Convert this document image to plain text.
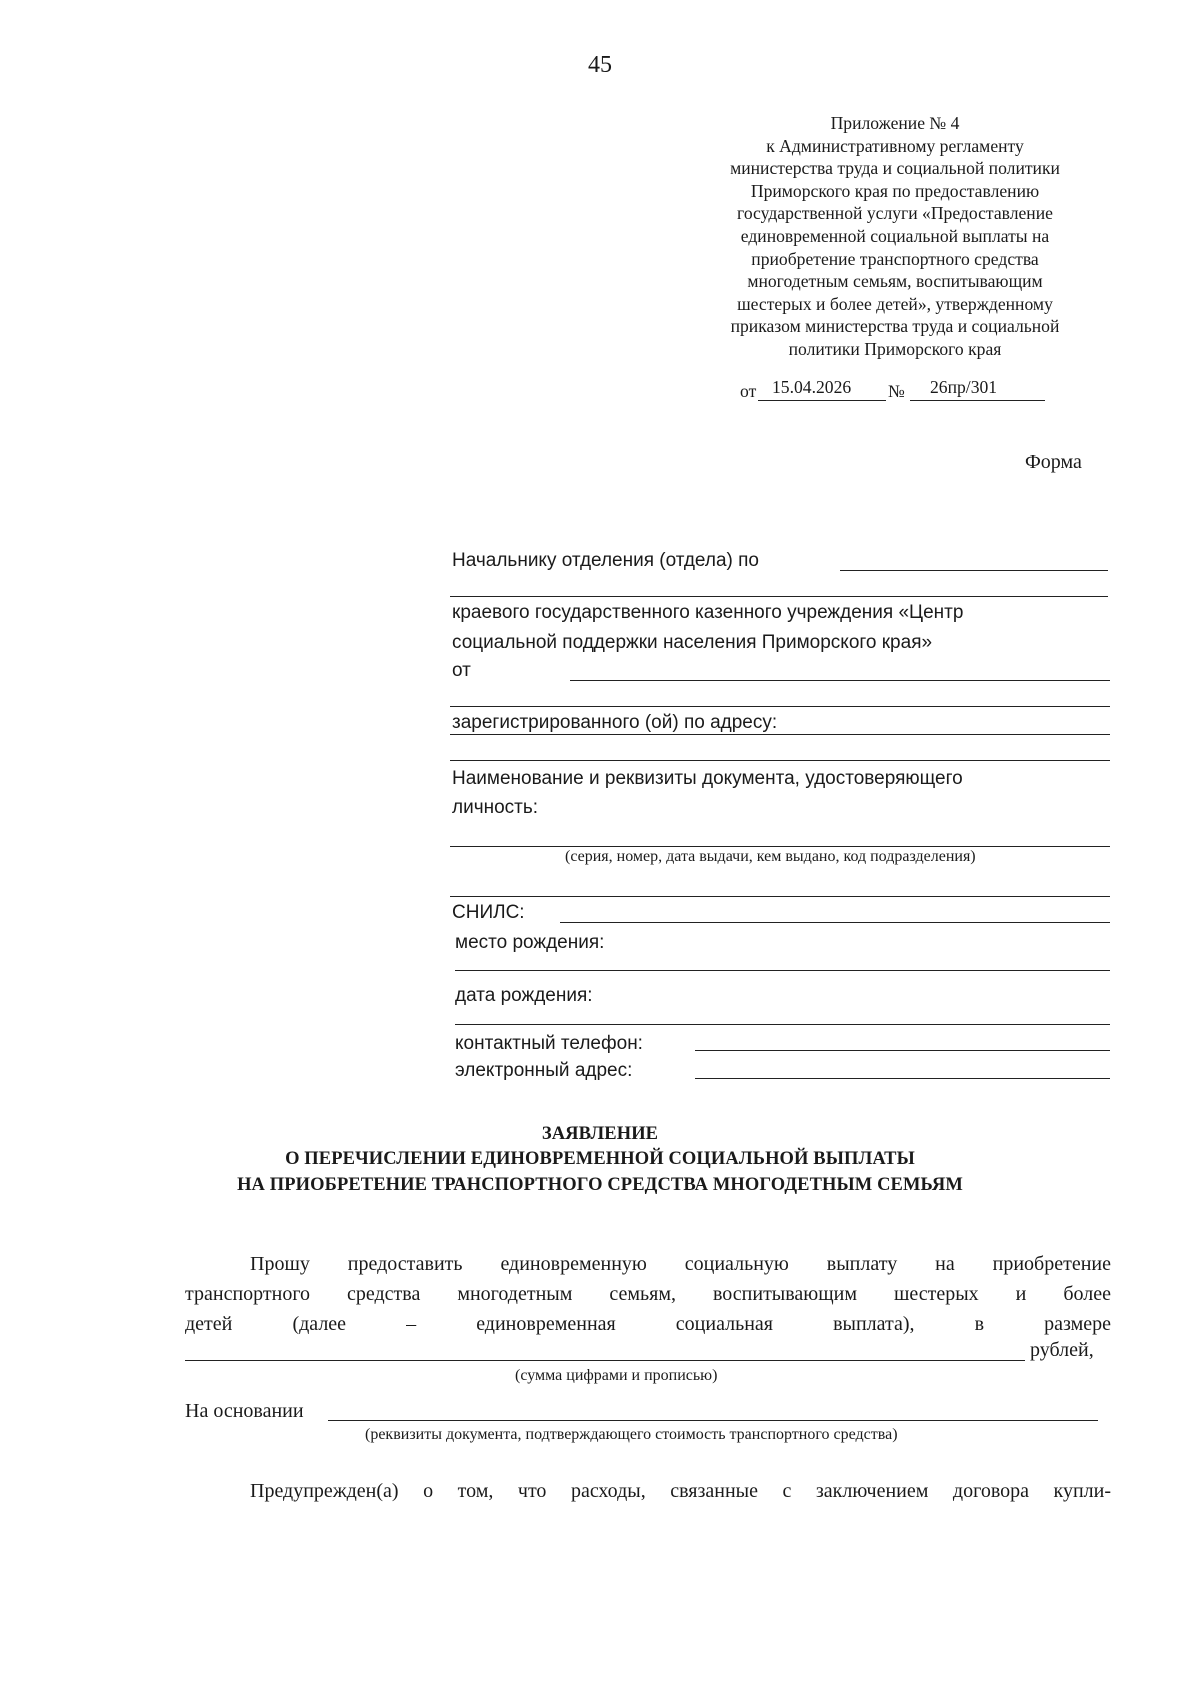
45
Приложение № 4
к Административному регламенту
министерства труда и социальной политики
Приморского края по предоставлению
государственной услуги «Предоставление
единовременной социальной выплаты на
приобретение транспортного средства
многодетным семьям, воспитывающим
шестерых и более детей», утвержденному
приказом министерства труда и социальной
политики Приморского края
от 15.04.2026 № 26пр/301
Форма
Начальнику отделения (отдела) по
краевого государственного казенного учреждения «Центр
социальной поддержки населения Приморского края»
от
зарегистрированного (ой) по адресу:
Наименование и реквизиты документа, удостоверяющего
личность:
(серия, номер, дата выдачи, кем выдано, код подразделения)
СНИЛС:
место рождения:
дата рождения:
контактный телефон:
электронный адрес:
ЗАЯВЛЕНИЕ
О ПЕРЕЧИСЛЕНИИ ЕДИНОВРЕМЕННОЙ СОЦИАЛЬНОЙ ВЫПЛАТЫ
НА ПРИОБРЕТЕНИЕ ТРАНСПОРТНОГО СРЕДСТВА МНОГОДЕТНЫМ СЕМЬЯМ
Прошу предоставить единовременную социальную выплату на приобретение
транспортного средства многодетным семьям, воспитывающим шестерых и более
детей (далее – единовременная социальная выплата), в размере
рублей,
(сумма цифрами и прописью)
На основании
(реквизиты документа, подтверждающего стоимость транспортного средства)
Предупрежден(а) о том, что расходы, связанные с заключением договора купли-
